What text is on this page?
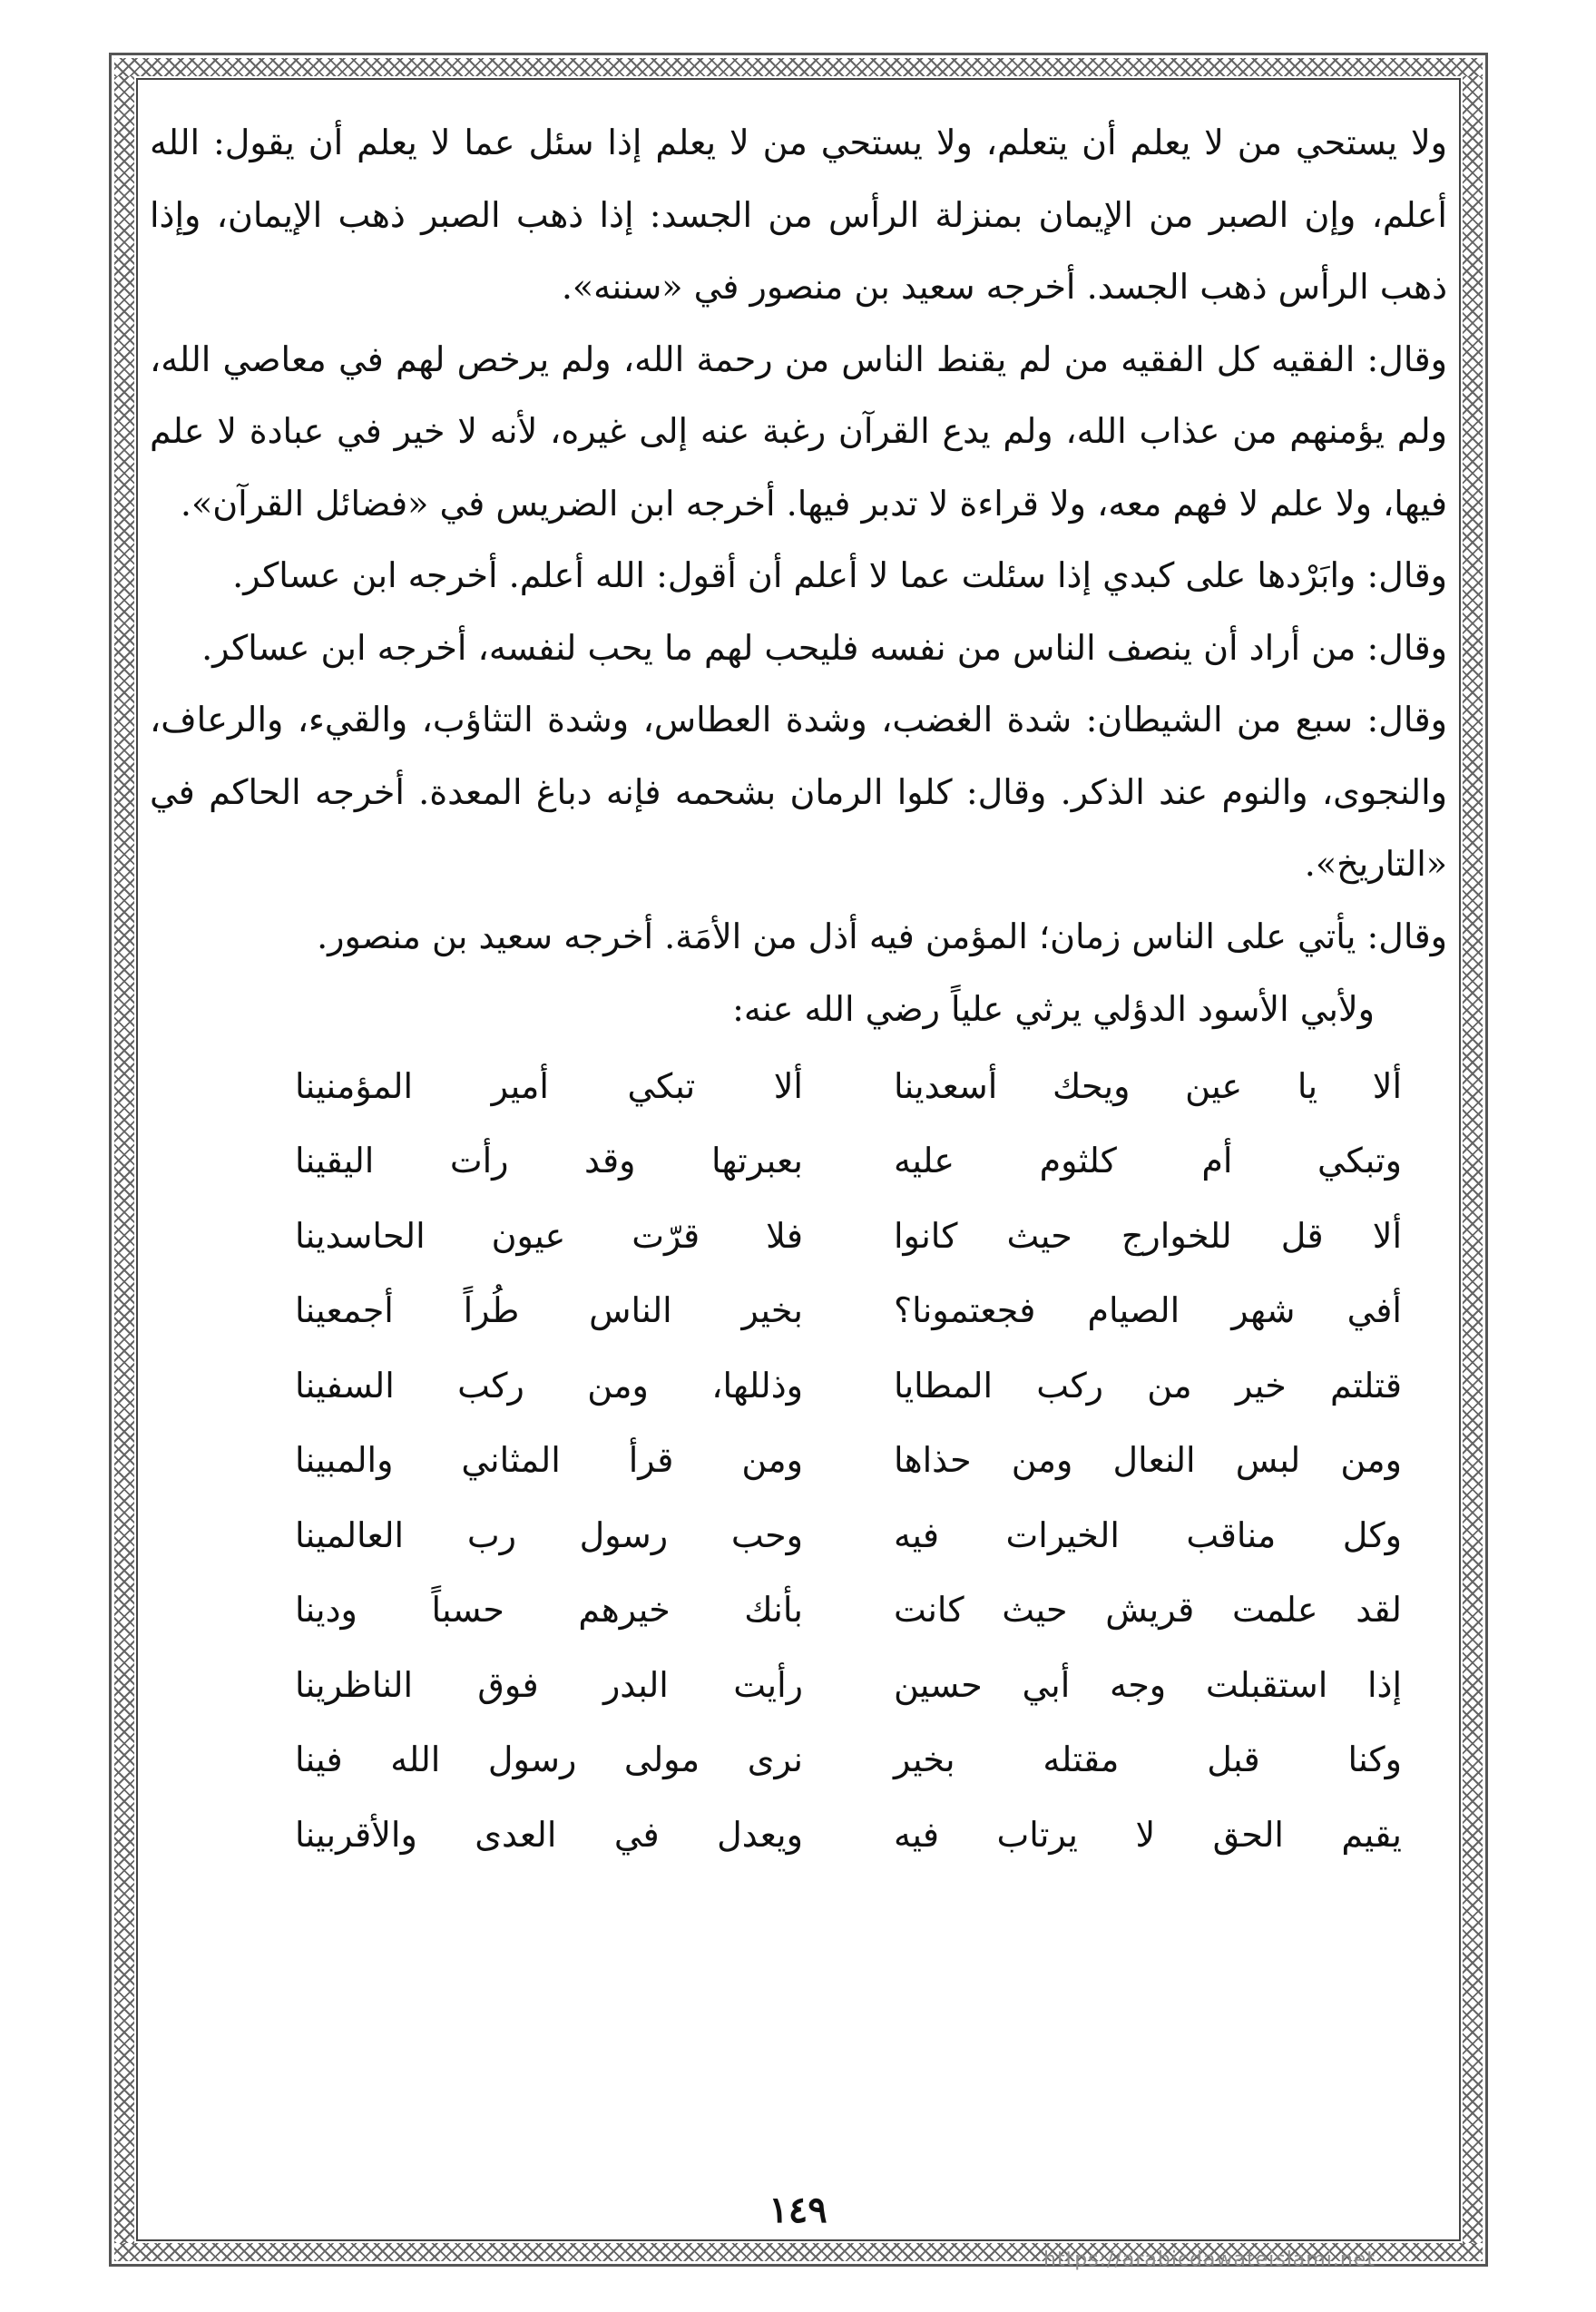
ولا يستحي من لا يعلم أن يتعلم، ولا يستحي من لا يعلم إذا سئل عما لا يعلم أن يقول: الله أعلم، وإن الصبر من الإيمان بمنزلة الرأس من الجسد: إذا ذهب الصبر ذهب الإيمان، وإذا ذهب الرأس ذهب الجسد. أخرجه سعيد بن منصور في «سننه».

وقال: الفقيه كل الفقيه من لم يقنط الناس من رحمة الله، ولم يرخص لهم في معاصي الله، ولم يؤمنهم من عذاب الله، ولم يدع القرآن رغبة عنه إلى غيره، لأنه لا خير في عبادة لا علم فيها، ولا علم لا فهم معه، ولا قراءة لا تدبر فيها. أخرجه ابن الضريس في «فضائل القرآن».

وقال: وابَرْدها على كبدي إذا سئلت عما لا أعلم أن أقول: الله أعلم. أخرجه ابن عساكر.

وقال: من أراد أن ينصف الناس من نفسه فليحب لهم ما يحب لنفسه، أخرجه ابن عساكر.

وقال: سبع من الشيطان: شدة الغضب، وشدة العطاس، وشدة التثاؤب، والقيء، والرعاف، والنجوى، والنوم عند الذكر. وقال: كلوا الرمان بشحمه فإنه دباغ المعدة. أخرجه الحاكم في «التاريخ».

وقال: يأتي على الناس زمان؛ المؤمن فيه أذل من الأمَة. أخرجه سعيد بن منصور.

ولأبي الأسود الدؤلي يرثي علياً رضي الله عنه:

ألا يا عين ويحك أسعدينا
ألا تبكي أمير المؤمنينا
وتبكي أم كلثوم عليه
بعبرتها وقد رأت اليقينا
ألا قل للخوارج حيث كانوا
فلا قرّت عيون الحاسدينا
أفي شهر الصيام فجعتمونا؟
بخير الناس طُراً أجمعينا
قتلتم خير من ركب المطايا
وذللها، ومن ركب السفينا
ومن لبس النعال ومن حذاها
ومن قرأ المثاني والمبينا
وكل مناقب الخيرات فيه
وحب رسول رب العالمينا
لقد علمت قريش حيث كانت
بأنك خيرهم حسباً ودينا
إذا استقبلت وجه أبي حسين
رأيت البدر فوق الناظرينا
وكنا قبل مقتله بخير
نرى مولى رسول الله فينا
يقيم الحق لا يرتاب فيه
ويعدل في العدى والأقربينا
١٤٩
https://arabicdawateislami.net
